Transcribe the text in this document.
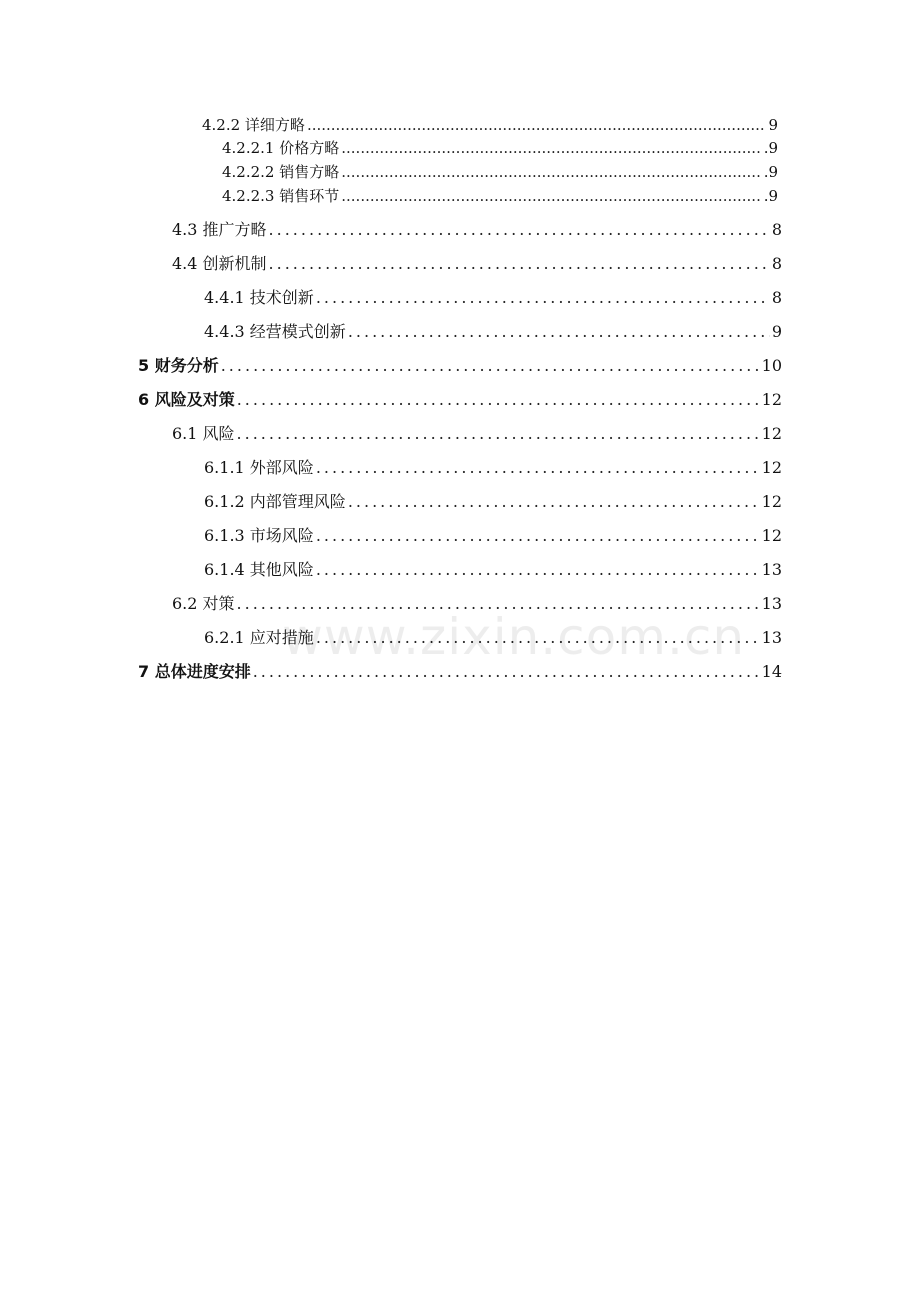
4.2.2 详细方略 .....	9
4.2.2.1 价格方略 .....	.9
4.2.2.2 销售方略 .....	.9
4.2.2.3 销售环节 .....	.9
4.3 推广方略 .....	8
4.4 创新机制 .....	8
4.4.1 技术创新 .....	8
4.4.3 经营模式创新 .....	9
5 财务分析 .....	10
6 风险及对策 .....	12
6.1 风险 .....	12
6.1.1 外部风险 .....	12
6.1.2 内部管理风险 .....	12
6.1.3 市场风险 .....	12
6.1.4 其他风险 .....	13
6.2 对策 .....	13
6.2.1 应对措施 .....	13
7 总体进度安排 .....	14
www.zixin.com.cn
